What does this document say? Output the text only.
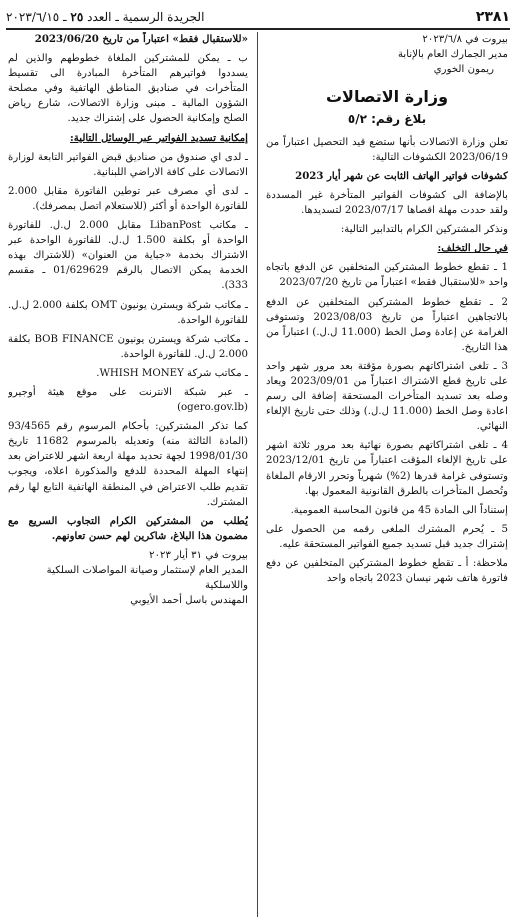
٢٣٨١
الجريدة الرسمية ـ العدد ٢٥ ـ ٢٠٢٣/٦/١٥

بيروت في ٢٠٢٣/٦/٨

مدير الجمارك العام بالإنابة

ريمون الخوري

وزارة الاتصالات
بلاغ رقم: ٥/٢

تعلن وزارة الاتصالات بأنها ستضع قيد التحصيل اعتباراً من 2023/06/19 الكشوفات التالية:

كشوفات فواتير الهاتف الثابت عن شهر أيار 2023

بالإضافة الى كشوفات الفواتير المتأخرة غير المسددة ولقد حددت مهلة اقصاها 2023/07/17 لتسديدها.

ونذكر المشتركين الكرام بالتدابير التالية:

في حال التخلف:

1 ـ تقطع خطوط المشتركين المتخلفين عن الدفع باتجاه واحد «للاستقبال فقط» اعتباراً من تاريخ 2023/07/20

2 ـ تقطع خطوط المشتركين المتخلفين عن الدفع بالاتجاهين اعتباراً من تاريخ 2023/08/03 وتستوفى الغرامة عن إعادة وصل الخط (11.000 ل.ل.) اعتباراً من هذا التاريخ.

3 ـ تلغى اشتراكاتهم بصورة مؤقتة بعد مرور شهر واحد على تاريخ قطع الاشتراك اعتباراً من 2023/09/01 ويعاد وصله بعد تسديد المتأخرات المستحقة إضافة الى رسم اعادة وصل الخط (11.000 ل.ل.) وذلك حتى تاريخ الإلغاء النهائي.

4 ـ تلغى اشتراكاتهم بصورة نهائية بعد مرور ثلاثة اشهر على تاريخ الإلغاء المؤقت اعتباراً من تاريخ 2023/12/01 وتستوفى غرامة قدرها (2%) شهرياً وتحرر الارقام الملغاة وتُحصل المتأخرات بالطرق القانونية المعمول بها.

إستناداً الى المادة 45 من قانون المحاسبة العمومية.

5 ـ يُحرم المشترك الملغى رقمه من الحصول على إشتراك جديد قبل تسديد جميع الفواتير المستحقة عليه.

ملاحظة: أ ـ تقطع خطوط المشتركين المتخلفين عن دفع فاتورة هاتف شهر نيسان 2023 باتجاه واحد

«للاستقبال فقط» اعتباراً من تاريخ 2023/06/20

ب ـ يمكن للمشتركين الملغاة خطوطهم والذين لم يسددوا فواتيرهم المتأخرة المبادرة الى تقسيط المتأخرات في صناديق المناطق الهاتفية وفي مصلحة الشؤون المالية ـ مبنى وزارة الاتصالات، شارع رياض الصلح وإمكانية الحصول على إشتراك جديد.

إمكانية تسديد الفواتير عبر الوسائل التالية:

ـ لدى اي صندوق من صناديق قبض الفواتير التابعة لوزارة الاتصالات على كافة الاراضي اللبنانية.

ـ لدى أي مصرف عبر توطين الفاتورة مقابل 2.000 للفاتورة الواحدة أو أكثر (للاستعلام اتصل بمصرفك).

ـ مكاتب LibanPost مقابل 2.000 ل.ل. للفاتورة الواحدة أو بكلفة 1.500 ل.ل. للفاتورة الواحدة عبر الاشتراك بخدمة «جباية من العنوان» (للاشتراك بهذه الخدمة يمكن الاتصال بالرقم 01/629629 ـ مقسم 333).

ـ مكاتب شركة ويسترن يونيون OMT بكلفة 2.000 ل.ل. للفاتورة الواحدة.

ـ مكاتب شركة ويسترن يونيون BOB FINANCE بكلفة 2.000 ل.ل. للفاتورة الواحدة.

ـ مكاتب شركة WHISH MONEY.

ـ عبر شبكة الانترنت على موقع هيئة أوجيرو (ogero.gov.lb)

كما تذكر المشتركين: بأحكام المرسوم رقم 93/4565 (المادة الثالثة منه) وتعديله بالمرسوم 11682 تاريخ 1998/01/30 لجهة تحديد مهلة اربعة اشهر للاعتراض بعد إنتهاء المهلة المحددة للدفع والمذكورة اعلاه، ويجوب تقديم طلب الاعتراض في المنطقة الهاتفية التابع لها رقم المشترك.

يُطلب من المشتركين الكرام التجاوب السريع مع مضمون هذا البلاغ، شاكرين لهم حسن تعاونهم.

بيروت في ٣١ أيار ٢٠٢٣

المدير العام لإستثمار وصيانة المواصلات السلكية واللاسلكية

المهندس باسل أحمد الأيوبي
